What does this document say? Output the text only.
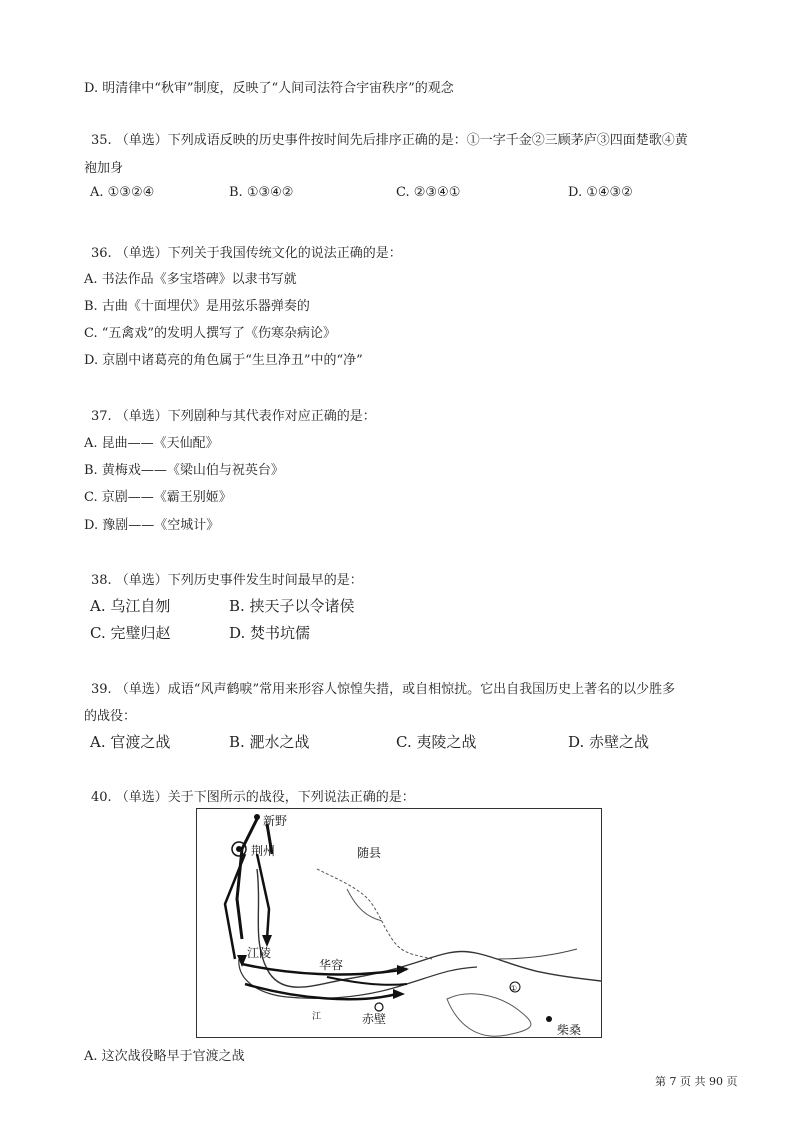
D. 明清律中“秋审”制度，反映了“人间司法符合宇宙秩序”的观念
35. （单选）下列成语反映的历史事件按时间先后排序正确的是：①一字千金②三顾茅庐③四面楚歌④黄
袍加身
A. ①③②④	B. ①③④②	C. ②③④①	D. ①④③②
36. （单选）下列关于我国传统文化的说法正确的是：
A. 书法作品《多宝塔碑》以隶书写就
B. 古曲《十面埋伏》是用弦乐器弹奏的
C. “五禽戏”的发明人撰写了《伤寒杂病论》
D. 京剧中诸葛亮的角色属于“生旦净丑”中的“净”
37. （单选）下列剧种与其代表作对应正确的是：
A. 昆曲——《天仙配》
B. 黄梅戏——《梁山伯与祝英台》
C. 京剧——《霸王别姬》
D. 豫剧——《空城计》
38. （单选）下列历史事件发生时间最早的是：
A. 乌江自刎	B. 挟天子以令诸侯
C. 完璧归赵	D. 焚书坑儒
39. （单选）成语“风声鹤唳”常用来形容人惊惶失措，或自相惊扰。它出自我国历史上著名的以少胜多
的战役：
A. 官渡之战	B. 淝水之战	C. 夷陵之战	D. 赤壁之战
40. （单选）关于下图所示的战役，下列说法正确的是：
新野
荆州	随县
江陵
华容
赤壁
柴桑
江
①
A. 这次战役略早于官渡之战
第 7 页 共 90 页
